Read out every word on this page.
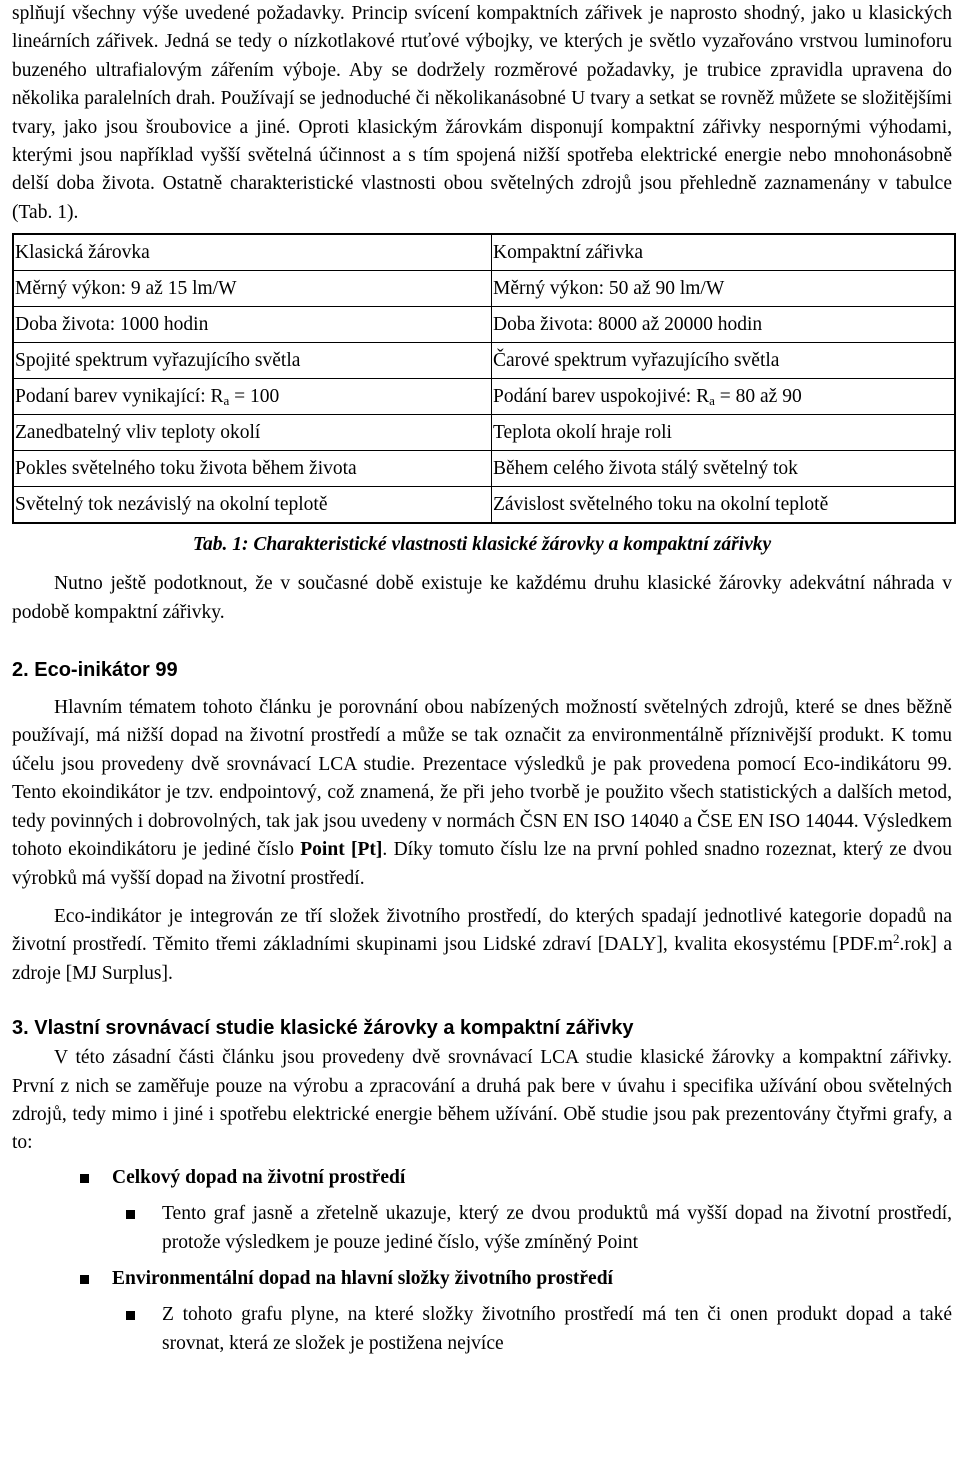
splňují všechny výše uvedené požadavky. Princip svícení kompaktních zářivek je naprosto shodný, jako u klasických lineárních zářivek. Jedná se tedy o nízkotlakové rtuťové výbojky, ve kterých je světlo vyzařováno vrstvou luminoforu buzeného ultrafialovým zářením výboje. Aby se dodržely rozměrové požadavky, je trubice zpravidla upravena do několika paralelních drah. Používají se jednoduché či několikanásobné U tvary a setkat se rovněž můžete se složitějšími tvary, jako jsou šroubovice a jiné. Oproti klasickým žárovkám disponují kompaktní zářivky nespornými výhodami, kterými jsou například vyšší světelná účinnost a s tím spojená nižší spotřeba elektrické energie nebo mnohonásobně delší doba života. Ostatně charakteristické vlastnosti obou světelných zdrojů jsou přehledně zaznamenány v tabulce (Tab. 1).

Klasická žárovka	Kompaktní zářivka
Měrný výkon: 9 až 15 lm/W	Měrný výkon: 50 až 90 lm/W
Doba života: 1000 hodin	Doba života: 8000 až 20000 hodin
Spojité spektrum vyřazujícího světla	Čarové spektrum vyřazujícího světla
Podaní barev vynikající: Ra = 100	Podání barev uspokojivé: Ra = 80 až 90
Zanedbatelný vliv teploty okolí	Teplota okolí hraje roli
Pokles světelného toku života během života	Během celého života stálý světelný tok
Světelný tok nezávislý na okolní teplotě	Závislost světelného toku na okolní teplotě
Tab. 1: Charakteristické vlastnosti klasické žárovky a kompaktní zářivky

Nutno ještě podotknout, že v současné době existuje ke každému druhu klasické žárovky adekvátní náhrada v podobě kompaktní zářivky.

2. Eco-inikátor 99

Hlavním tématem tohoto článku je porovnání obou nabízených možností světelných zdrojů, které se dnes běžně používají, má nižší dopad na životní prostředí a může se tak označit za environmentálně příznivější produkt. K tomu účelu jsou provedeny dvě srovnávací LCA studie. Prezentace výsledků je pak provedena pomocí Eco-indikátoru 99. Tento ekoindikátor je tzv. endpointový, což znamená, že při jeho tvorbě je použito všech statistických a dalších metod, tedy povinných i dobrovolných, tak jak jsou uvedeny v normách ČSN EN ISO 14040 a ČSE EN ISO 14044. Výsledkem tohoto ekoindikátoru je jediné číslo Point [Pt]. Díky tomuto číslu lze na první pohled snadno rozeznat, který ze dvou výrobků má vyšší dopad na životní prostředí.

Eco-indikátor je integrován ze tří složek životního prostředí, do kterých spadají jednotlivé kategorie dopadů na životní prostředí. Těmito třemi základními skupinami jsou Lidské zdraví [DALY], kvalita ekosystému $[PDF.m^2.rok]$ a zdroje [MJ Surplus].

3. Vlastní srovnávací studie klasické žárovky a kompaktní zářivky

V této zásadní části článku jsou provedeny dvě srovnávací LCA studie klasické žárovky a kompaktní zářivky. První z nich se zaměřuje pouze na výrobu a zpracování a druhá pak bere v úvahu i specifika užívání obou světelných zdrojů, tedy mimo i jiné i spotřebu elektrické energie během užívání. Obě studie jsou pak prezentovány čtyřmi grafy, a to:

Celkový dopad na životní prostředí
Tento graf jasně a zřetelně ukazuje, který ze dvou produktů má vyšší dopad na životní prostředí, protože výsledkem je pouze jediné číslo, výše zmíněný Point
Environmentální dopad na hlavní složky životního prostředí
Z tohoto grafu plyne, na které složky životního prostředí má ten či onen produkt dopad a také srovnat, která ze složek je postižena nejvíce
